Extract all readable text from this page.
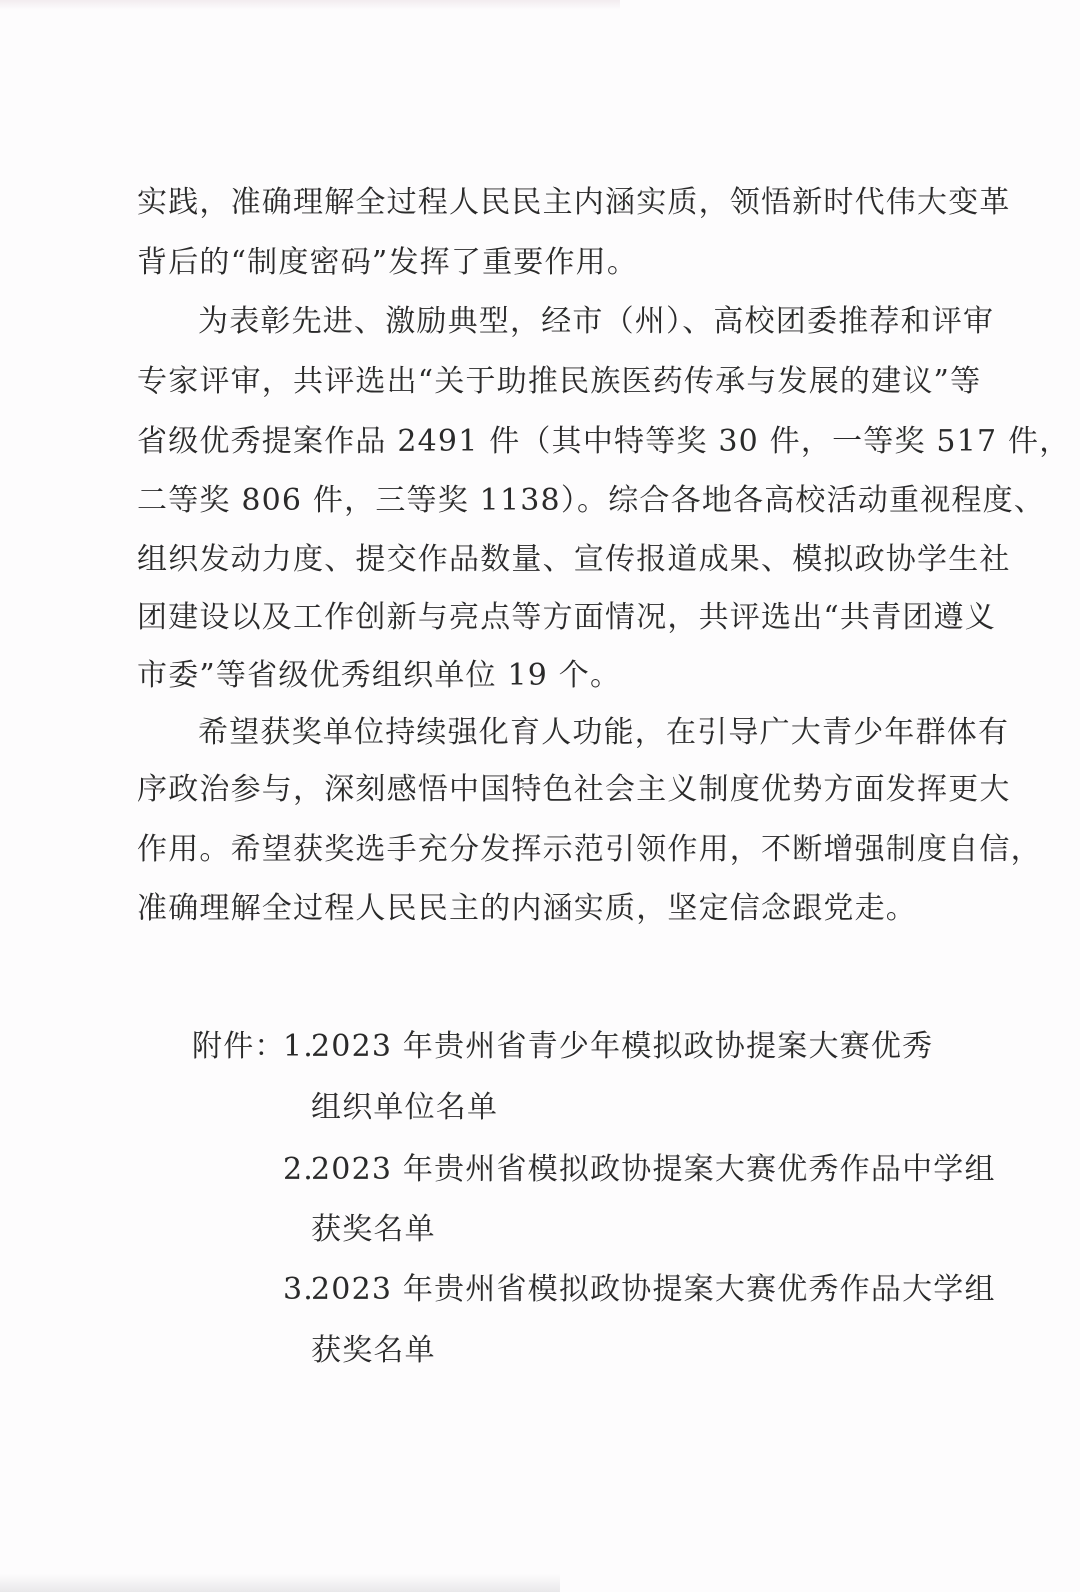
实践，准确理解全过程人民民主内涵实质，领悟新时代伟大变革
背后的“制度密码”发挥了重要作用。
为表彰先进、激励典型，经市（州）、高校团委推荐和评审
专家评审，共评选出“关于助推民族医药传承与发展的建议”等
省级优秀提案作品 2491 件（其中特等奖 30 件，一等奖 517 件，
二等奖 806 件，三等奖 1138）。综合各地各高校活动重视程度、
组织发动力度、提交作品数量、宣传报道成果、模拟政协学生社
团建设以及工作创新与亮点等方面情况，共评选出“共青团遵义
市委”等省级优秀组织单位 19 个。
希望获奖单位持续强化育人功能，在引导广大青少年群体有
序政治参与，深刻感悟中国特色社会主义制度优势方面发挥更大
作用。希望获奖选手充分发挥示范引领作用，不断增强制度自信，
准确理解全过程人民民主的内涵实质，坚定信念跟党走。
附件：
1.
2023 年贵州省青少年模拟政协提案大赛优秀
组织单位名单
2.
2023 年贵州省模拟政协提案大赛优秀作品中学组
获奖名单
3.
2023 年贵州省模拟政协提案大赛优秀作品大学组
获奖名单
